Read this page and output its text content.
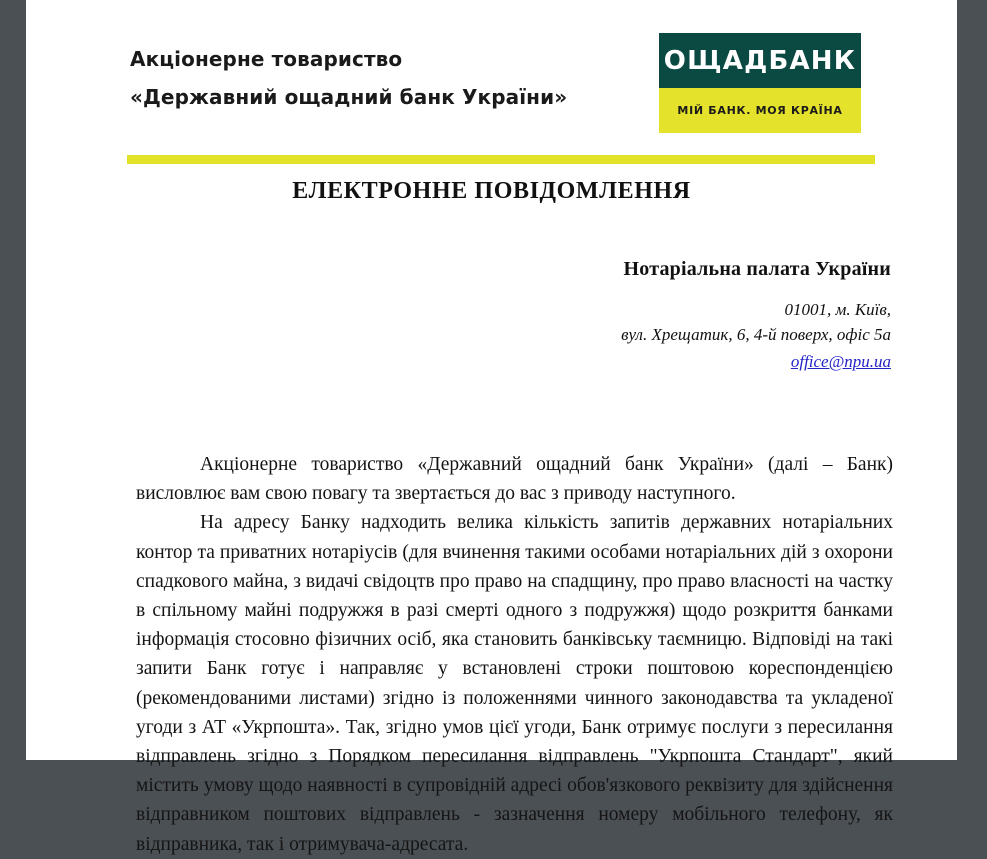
Акціонерне товариство
«Державний ощадний банк України»
ОЩАДБАНК
МІЙ БАНК. МОЯ КРАЇНА
ЕЛЕКТРОННЕ ПОВІДОМЛЕННЯ
Нотаріальна палата України
01001, м. Київ,
вул. Хрещатик, 6, 4-й поверх, офіс 5а
office@npu.ua

Акціонерне товариство «Державний ощадний банк України» (далі – Банк) висловлює вам свою повагу та звертається до вас з приводу наступного.

На адресу Банку надходить велика кількість запитів державних нотаріальних контор та приватних нотаріусів (для вчинення такими особами нотаріальних дій з охорони спадкового майна, з видачі свідоцтв про право на спадщину, про право власності на частку в спільному майні подружжя в разі смерті одного з подружжя) щодо розкриття банками інформація стосовно фізичних осіб, яка становить банківську таємницю. Відповіді на такі запити Банк готує і направляє у встановлені строки поштовою кореспонденцією (рекомендованими листами) згідно із положеннями чинного законодавства та укладеної угоди з АТ «Укрпошта». Так, згідно умов цієї угоди, Банк отримує послуги з пересилання відправлень згідно з Порядком пересилання відправлень "Укрпошта Стандарт", який містить умову щодо наявності в супровідній адресі обов'язкового реквізиту для здійснення відправником поштових відправлень - зазначення номеру мобільного телефону, як відправника, так і отримувача-адресата.
